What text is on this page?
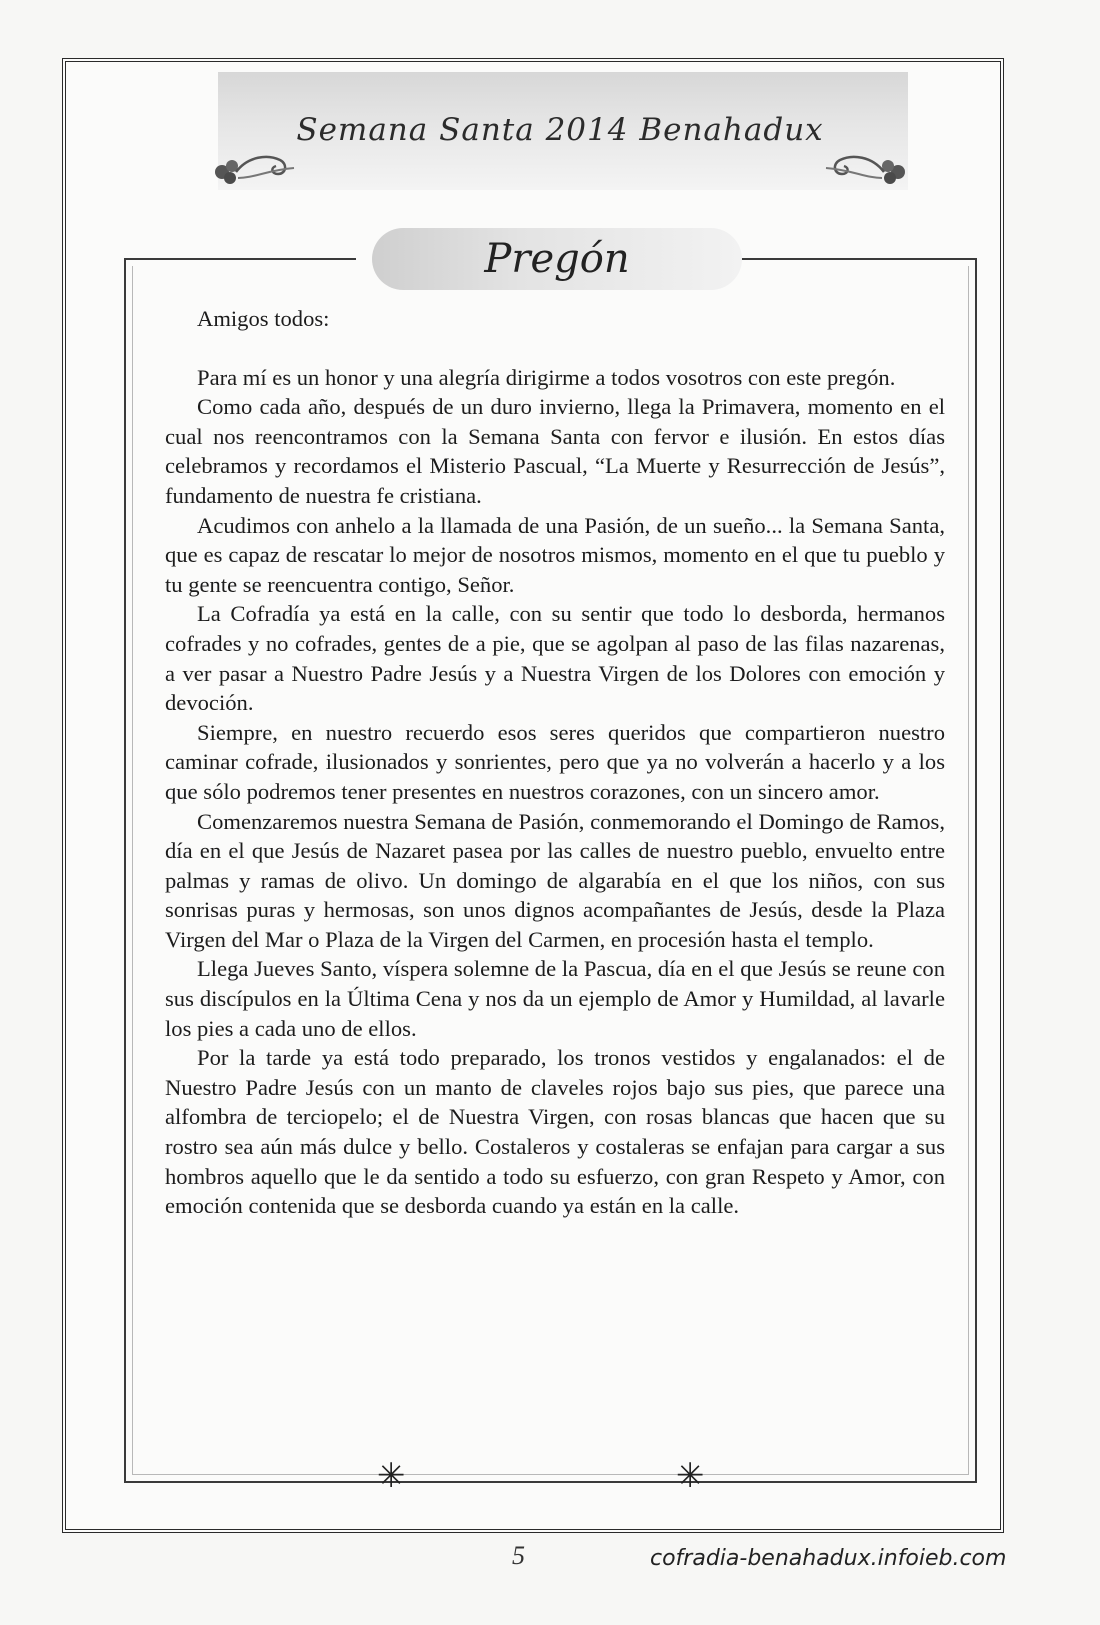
Semana Santa 2014 Benahadux
Pregón

Amigos todos:

Para mí es un honor y una alegría dirigirme a todos vosotros con este pregón.

Como cada año, después de un duro invierno, llega la Primavera, momento en el cual nos reencontramos con la Semana Santa con fervor e ilusión. En estos días celebramos y recordamos el Misterio Pascual, “La Muerte y Resurrección de Jesús”, fundamento de nuestra fe cristiana.

Acudimos con anhelo a la llamada de una Pasión, de un sueño... la Semana Santa, que es capaz de rescatar lo mejor de nosotros mismos, momento en el que tu pueblo y tu gente se reencuentra contigo, Señor.

La Cofradía ya está en la calle, con su sentir que todo lo desborda, hermanos cofrades y no cofrades, gentes de a pie, que se agolpan al paso de las filas nazarenas, a ver pasar a Nuestro Padre Jesús y a Nuestra Virgen de los Dolores con emoción y devoción.

Siempre, en nuestro recuerdo esos seres queridos que compartieron nuestro caminar cofrade, ilusionados y sonrientes, pero que ya no volverán a hacerlo y a los que sólo podremos tener presentes en nuestros corazones, con un sincero amor.

Comenzaremos nuestra Semana de Pasión, conmemorando el Domingo de Ramos, día en el que Jesús de Nazaret pasea por las calles de nuestro pueblo, envuelto entre palmas y ramas de olivo. Un domingo de algarabía en el que los niños, con sus sonrisas puras y hermosas, son unos dignos acompañantes de Jesús, desde la Plaza Virgen del Mar o Plaza de la Virgen del Carmen, en procesión hasta el templo.

Llega Jueves Santo, víspera solemne de la Pascua, día en el que Jesús se reune con sus discípulos en la Última Cena y nos da un ejemplo de Amor y Humildad, al lavarle los pies a cada uno de ellos.

Por la tarde ya está todo preparado, los tronos vestidos y engalanados: el de Nuestro Padre Jesús con un manto de claveles rojos bajo sus pies, que parece una alfombra de terciopelo; el de Nuestra Virgen, con rosas blancas que hacen que su rostro sea aún más dulce y bello. Costaleros y costaleras se enfajan para cargar a sus hombros aquello que le da sentido a todo su esfuerzo, con gran Respeto y Amor, con emoción contenida que se desborda cuando ya están en la calle.

✳	✳
5	cofradia-benahadux.infoieb.com
